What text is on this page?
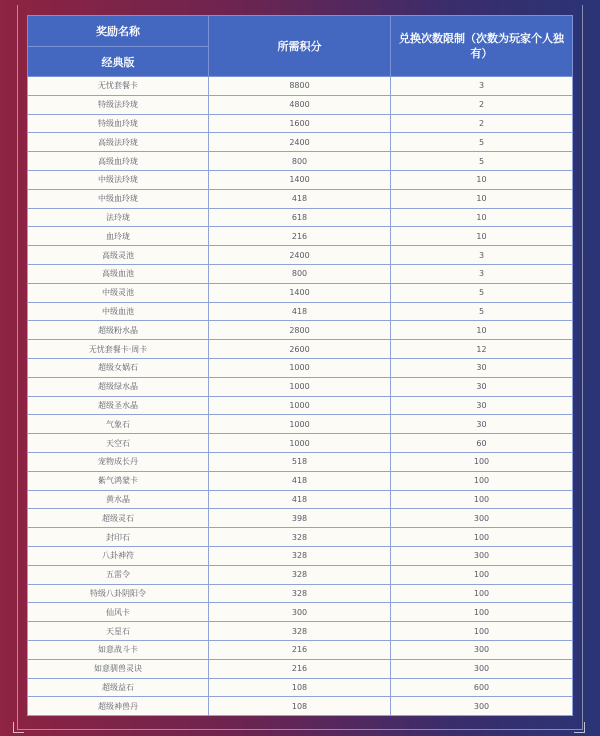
奖励名称	所需积分	兑换次数限制（次数为玩家个人独有）
经典版		
无忧套餐卡	8800	3
特级法玲珑	4800	2
特级血玲珑	1600	2
高级法玲珑	2400	5
高级血玲珑	800	5
中级法玲珑	1400	10
中级血玲珑	418	10
法玲珑	618	10
血玲珑	216	10
高级灵池	2400	3
高级血池	800	3
中级灵池	1400	5
中级血池	418	5
超级粉水晶	2800	10
无忧套餐卡·周卡	2600	12
超级女娲石	1000	30
超级绿水晶	1000	30
超级圣水晶	1000	30
气象石	1000	30
天空石	1000	60
宠物成长丹	518	100
紫气鸿蒙卡	418	100
黄水晶	418	100
超级灵石	398	300
封印石	328	100
八卦神符	328	300
五雷令	328	100
特级八卦阴阳令	328	100
仙风卡	300	100
天星石	328	100
如意战斗卡	216	300
如意驯兽灵诀	216	300
超级益石	108	600
超级神兽丹	108	300
